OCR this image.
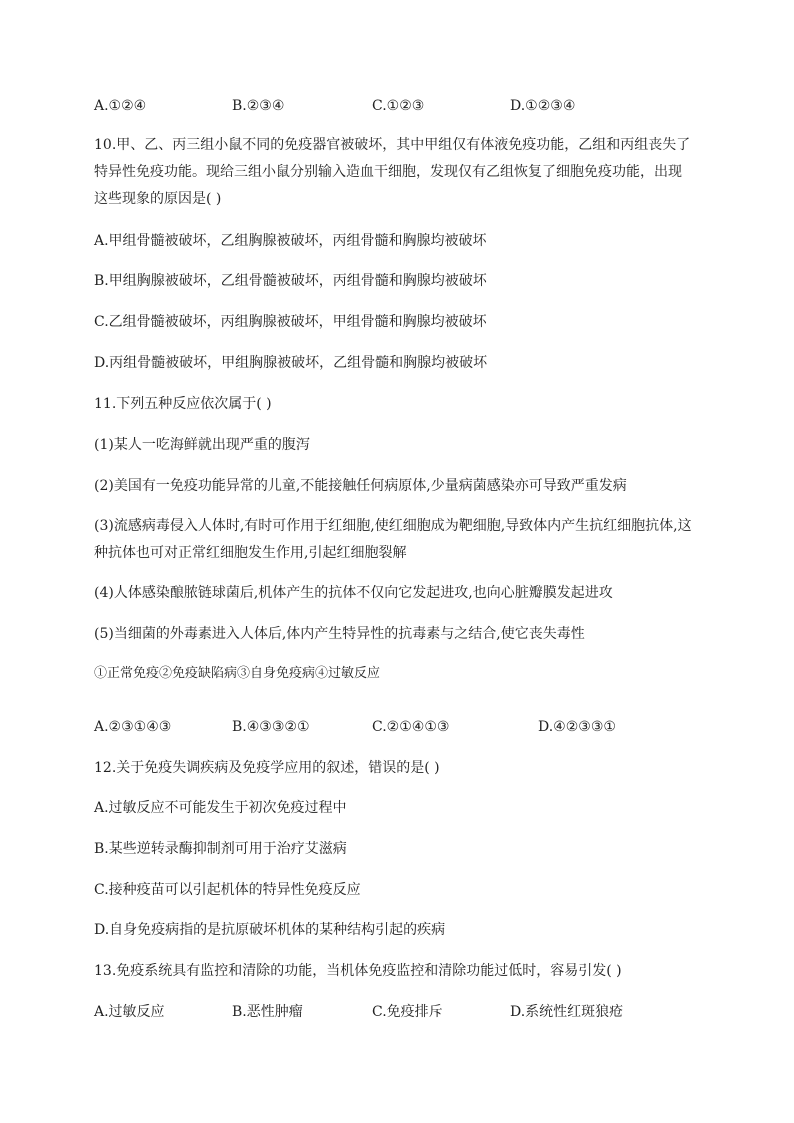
A.①②④	B.②③④	C.①②③	D.①②③④
10.甲、乙、丙三组小鼠不同的免疫器官被破坏，其中甲组仅有体液免疫功能，乙组和丙组丧失了
特异性免疫功能。现给三组小鼠分别输入造血干细胞，发现仅有乙组恢复了细胞免疫功能，出现
这些现象的原因是( )
A.甲组骨髓被破坏，乙组胸腺被破坏，丙组骨髓和胸腺均被破坏
B.甲组胸腺被破坏，乙组骨髓被破坏，丙组骨髓和胸腺均被破坏
C.乙组骨髓被破坏，丙组胸腺被破坏，甲组骨髓和胸腺均被破坏
D.丙组骨髓被破坏，甲组胸腺被破坏，乙组骨髓和胸腺均被破坏
11.下列五种反应依次属于( )
(1)某人一吃海鲜就出现严重的腹泻
(2)美国有一免疫功能异常的儿童,不能接触任何病原体,少量病菌感染亦可导致严重发病
(3)流感病毒侵入人体时,有时可作用于红细胞,使红细胞成为靶细胞,导致体内产生抗红细胞抗体,这
种抗体也可对正常红细胞发生作用,引起红细胞裂解
(4)人体感染酿脓链球菌后,机体产生的抗体不仅向它发起进攻,也向心脏瓣膜发起进攻
(5)当细菌的外毒素进入人体后,体内产生特异性的抗毒素与之结合,使它丧失毒性
①正常免疫②免疫缺陷病③自身免疫病④过敏反应
A.②③①④③	B.④③③②①	C.②①④①③	D.④②③③①
12.关于免疫失调疾病及免疫学应用的叙述，错误的是( )
A.过敏反应不可能发生于初次免疫过程中
B.某些逆转录酶抑制剂可用于治疗艾滋病
C.接种疫苗可以引起机体的特异性免疫反应
D.自身免疫病指的是抗原破坏机体的某种结构引起的疾病
13.免疫系统具有监控和清除的功能，当机体免疫监控和清除功能过低时，容易引发( )
A.过敏反应	B.恶性肿瘤	C.免疫排斥	D.系统性红斑狼疮
